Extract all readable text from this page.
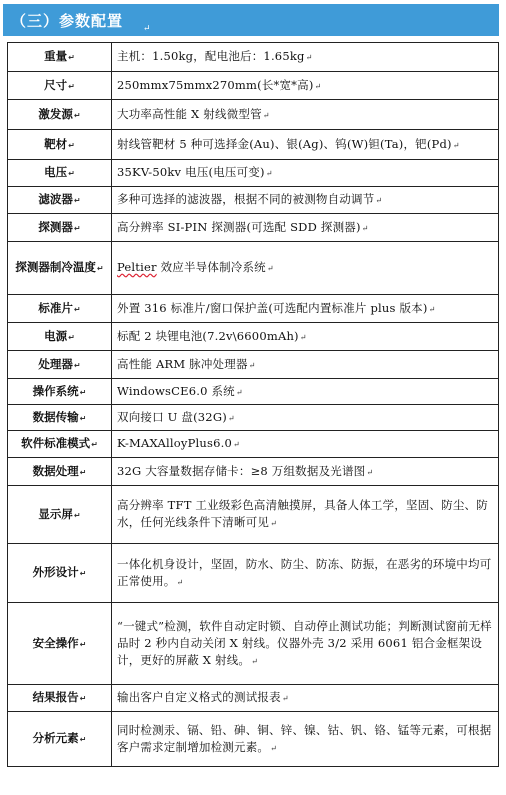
（三）参数配置 ↵
重量↵	主机：1.50kg，配电池后：1.65kg↵
尺寸↵	250mmx75mmx270mm(长*宽*高)↵
激发源↵	大功率高性能 X 射线微型管↵
靶材↵	射线管靶材 5 种可选择金(Au)、银(Ag)、钨(W)钽(Ta)，钯(Pd)↵
电压↵	35KV-50kv 电压(电压可变)↵
滤波器↵	多种可选择的滤波器，根据不同的被测物自动调节↵
探测器↵	高分辨率 SI-PIN 探测器(可选配 SDD 探测器)↵
探测器制冷温度↵	Peltier 效应半导体制冷系统↵
标准片↵	外置 316 标准片/窗口保护盖(可选配内置标准片 plus 版本)↵
电源↵	标配 2 块锂电池(7.2v\6600mAh)↵
处理器↵	高性能 ARM 脉冲处理器↵
操作系统↵	WindowsCE6.0 系统↵
数据传输↵	双向接口 U 盘(32G)↵
软件标准模式↵	K-MAXAlloyPlus6.0↵
数据处理↵	32G 大容量数据存储卡：≥8 万组数据及光谱图↵
显示屏↵	高分辨率 TFT 工业级彩色高清触摸屏，具备人体工学，坚固、防尘、防水，任何光线条件下清晰可见↵
外形设计↵	一体化机身设计，坚固，防水、防尘、防冻、防振，在恶劣的环境中均可正常使用。↵
安全操作↵	“一键式”检测，软件自动定时锁、自动停止测试功能；判断测试窗前无样品时 2 秒内自动关闭 X 射线。仪器外壳 3/2 采用 6061 铝合金框架设计，更好的屏蔽 X 射线。↵
结果报告↵	输出客户自定义格式的测试报表↵
分析元素↵	同时检测汞、镉、铅、砷、铜、锌、镍、钴、钒、铬、锰等元素，可根据客户需求定制增加检测元素。↵
